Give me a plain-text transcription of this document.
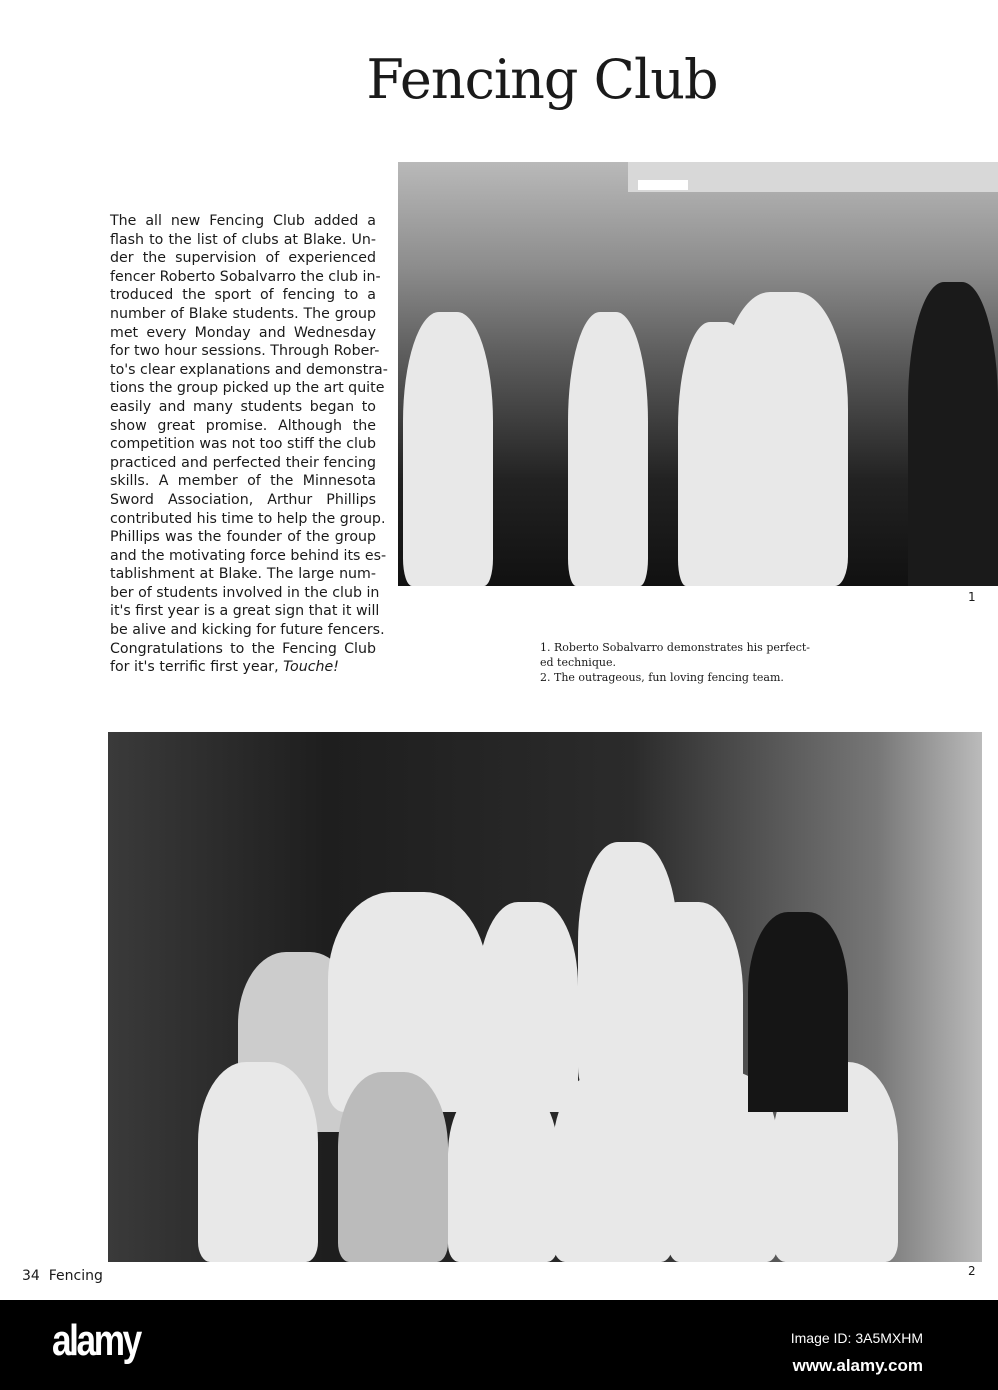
Fencing Club
The all new Fencing Club added a
flash to the list of clubs at Blake. Un-
der the supervision of experienced
fencer Roberto Sobalvarro the club in-
troduced the sport of fencing to a
number of Blake students. The group
met every Monday and Wednesday
for two hour sessions. Through Rober-
to's clear explanations and demonstra-
tions the group picked up the art quite
easily and many students began to
show great promise. Although the
competition was not too stiff the club
practiced and perfected their fencing
skills. A member of the Minnesota
Sword Association, Arthur Phillips
contributed his time to help the group.
Phillips was the founder of the group
and the motivating force behind its es-
tablishment at Blake. The large num-
ber of students involved in the club in
it's first year is a great sign that it will
be alive and kicking for future fencers.
Congratulations to the Fencing Club
for it's terrific first year, Touche!
1
1. Roberto Sobalvarro demonstrates his perfect-
ed technique.
2. The outrageous, fun loving fencing team.
2
34 Fencing
alamy	Image ID: 3A5MXHM
www.alamy.com
